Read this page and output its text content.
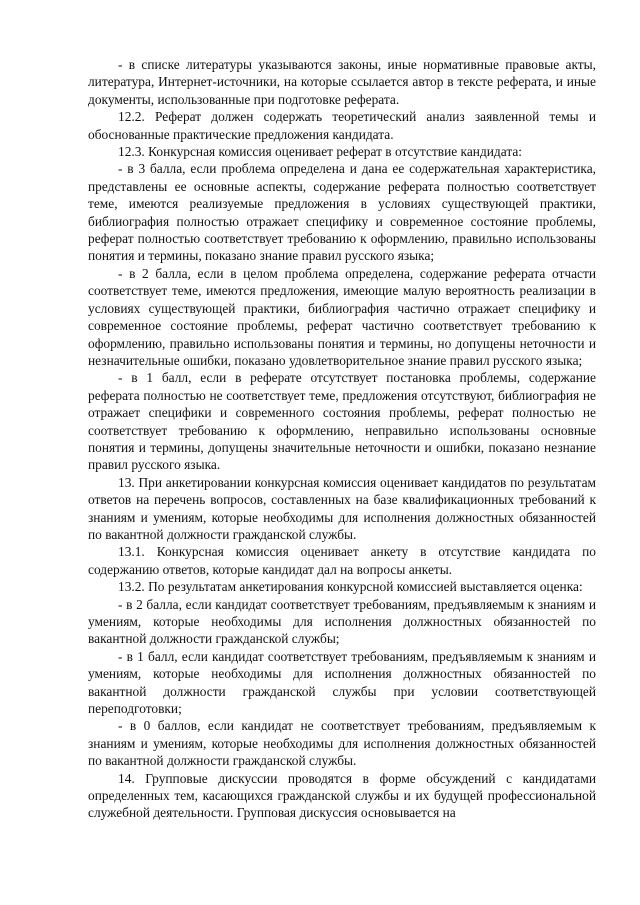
- в списке литературы указываются законы, иные нормативные правовые акты, литература, Интернет-источники, на которые ссылается автор в тексте реферата, и иные документы, использованные при подготовке реферата.

12.2. Реферат должен содержать теоретический анализ заявленной темы и обоснованные практические предложения кандидата.

12.3. Конкурсная комиссия оценивает реферат в отсутствие кандидата:

- в 3 балла, если проблема определена и дана ее содержательная характеристика, представлены ее основные аспекты, содержание реферата полностью соответствует теме, имеются реализуемые предложения в условиях существующей практики, библиография полностью отражает специфику и современное состояние проблемы, реферат полностью соответствует требованию к оформлению, правильно использованы понятия и термины, показано знание правил русского языка;

- в 2 балла, если в целом проблема определена, содержание реферата отчасти соответствует теме, имеются предложения, имеющие малую вероятность реализации в условиях существующей практики, библиография частично отражает специфику и современное состояние проблемы, реферат частично соответствует требованию к оформлению, правильно использованы понятия и термины, но допущены неточности и незначительные ошибки, показано удовлетворительное знание правил русского языка;

- в 1 балл, если в реферате отсутствует постановка проблемы, содержание реферата полностью не соответствует теме, предложения отсутствуют, библиография не отражает специфики и современного состояния проблемы, реферат полностью не соответствует требованию к оформлению, неправильно использованы основные понятия и термины, допущены значительные неточности и ошибки, показано незнание правил русского языка.

13. При анкетировании конкурсная комиссия оценивает кандидатов по результатам ответов на перечень вопросов, составленных на базе квалификационных требований к знаниям и умениям, которые необходимы для исполнения должностных обязанностей по вакантной должности гражданской службы.

13.1. Конкурсная комиссия оценивает анкету в отсутствие кандидата по содержанию ответов, которые кандидат дал на вопросы анкеты.

13.2. По результатам анкетирования конкурсной комиссией выставляется оценка:

- в 2 балла, если кандидат соответствует требованиям, предъявляемым к знаниям и умениям, которые необходимы для исполнения должностных обязанностей по вакантной должности гражданской службы;

- в 1 балл, если кандидат соответствует требованиям, предъявляемым к знаниям и умениям, которые необходимы для исполнения должностных обязанностей по вакантной должности гражданской службы при условии соответствующей переподготовки;

- в 0 баллов, если кандидат не соответствует требованиям, предъявляемым к знаниям и умениям, которые необходимы для исполнения должностных обязанностей по вакантной должности гражданской службы.

14. Групповые дискуссии проводятся в форме обсуждений с кандидатами определенных тем, касающихся гражданской службы и их будущей профессиональной служебной деятельности. Групповая дискуссия основывается на
